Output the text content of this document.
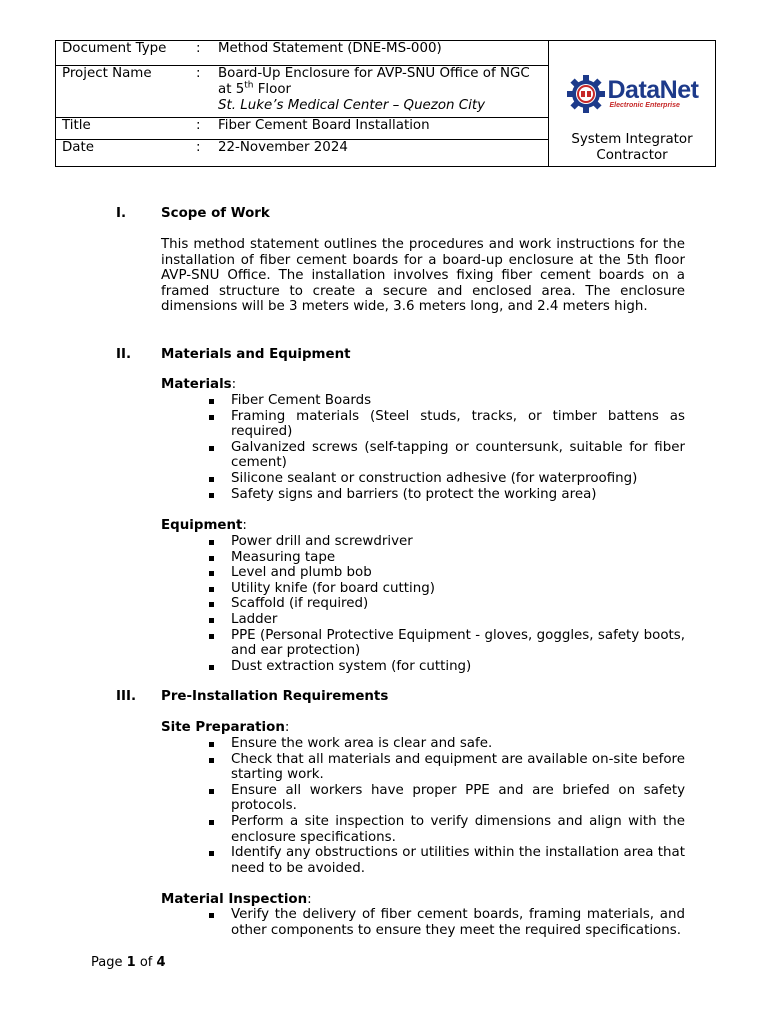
Document Type	:	Method Statement (DNE-MS-000)	DataNet
Electronic Enterprise
System Integrator Contractor

Project Name	:	Board-Up Enclosure for AVP-SNU Office of NGC at 5th Floor
St. Luke’s Medical Center – Quezon City	
Title	:	Fiber Cement Board Installation	
Date	:	22-November 2024	
I.	Scope of Work
This method statement outlines the procedures and work instructions for the installation of fiber cement boards for a board-up enclosure at the 5th floor AVP-SNU Office. The installation involves fixing fiber cement boards on a framed structure to create a secure and enclosed area. The enclosure dimensions will be 3 meters wide, 3.6 meters long, and 2.4 meters high.
II. Materials and Equipment
Materials:
Fiber Cement Boards
Framing materials (Steel studs, tracks, or timber battens as required)
Galvanized screws (self-tapping or countersunk, suitable for fiber cement)
Silicone sealant or construction adhesive (for waterproofing)
Safety signs and barriers (to protect the working area)
Equipment:
Power drill and screwdriver
Measuring tape
Level and plumb bob
Utility knife (for board cutting)
Scaffold (if required)
Ladder
PPE (Personal Protective Equipment - gloves, goggles, safety boots, and ear protection)
Dust extraction system (for cutting)
III. Pre-Installation Requirements
Site Preparation:
Ensure the work area is clear and safe.
Check that all materials and equipment are available on-site before starting work.
Ensure all workers have proper PPE and are briefed on safety protocols.
Perform a site inspection to verify dimensions and align with the enclosure specifications.
Identify any obstructions or utilities within the installation area that need to be avoided.
Material Inspection:
Verify the delivery of fiber cement boards, framing materials, and other components to ensure they meet the required specifications.
Page 1 of 4
